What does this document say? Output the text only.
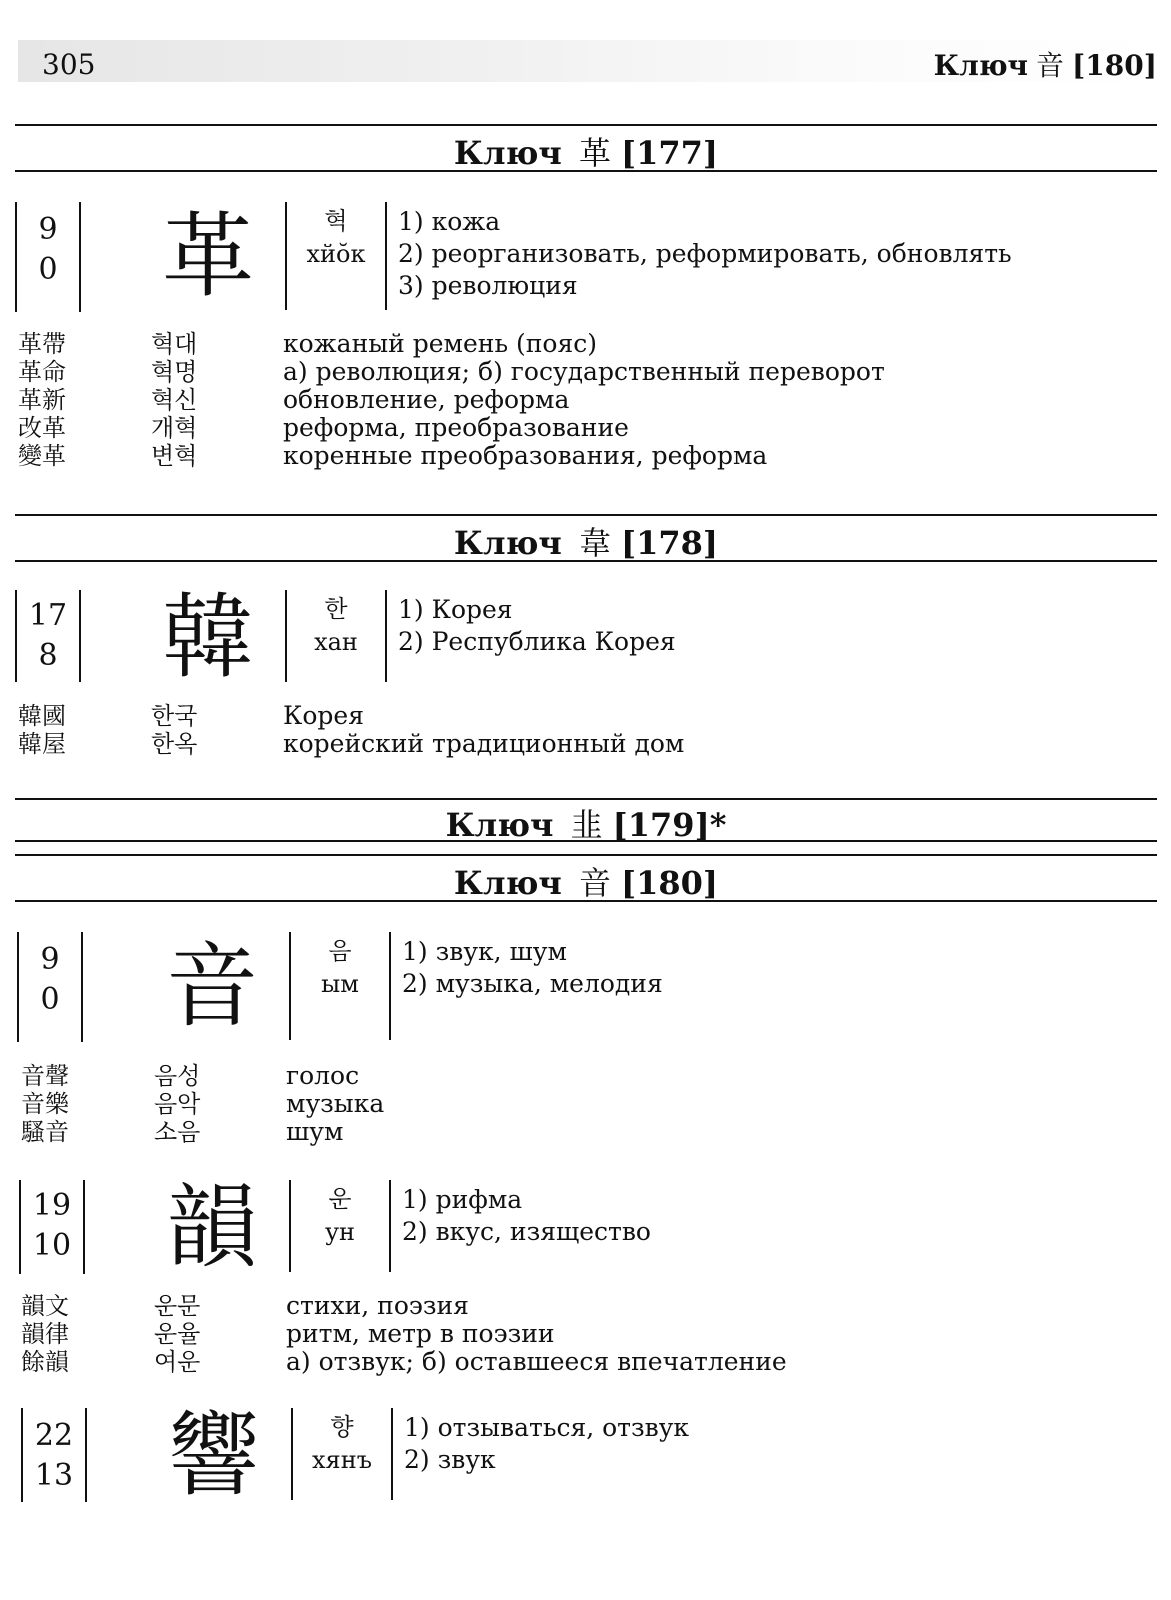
305	Ключ 音 [180]
Ключ 革 [177]
9
0	革	혁
хйŏк
1) кожа
2) реорганизовать, реформировать, обновлять
3) революция
革帶	혁대	кожаный ремень (пояс)
革命	혁명	а) революция; б) государственный переворот
革新	혁신	обновление, реформа
改革	개혁	реформа, преобразование
變革	변혁	коренные преобразования, реформа
Ключ 韋 [178]
17
8	韓	한
хан
1) Корея
2) Республика Корея
韓國	한국	Корея
韓屋	한옥	корейский традиционный дом
Ключ 韭 [179]*
Ключ 音 [180]
9
0	音	음
ым
1) звук, шум
2) музыка, мелодия
音聲	음성	голос
音樂	음악	музыка
騷音	소음	шум
19
10	韻	운
ун
1) рифма
2) вкус, изящество
韻文	운문	стихи, поэзия
韻律	운율	ритм, метр в поэзии
餘韻	여운	а) отзвук; б) оставшееся впечатление
22
13	響	향
хянъ
1) отзываться, отзвук
2) звук
